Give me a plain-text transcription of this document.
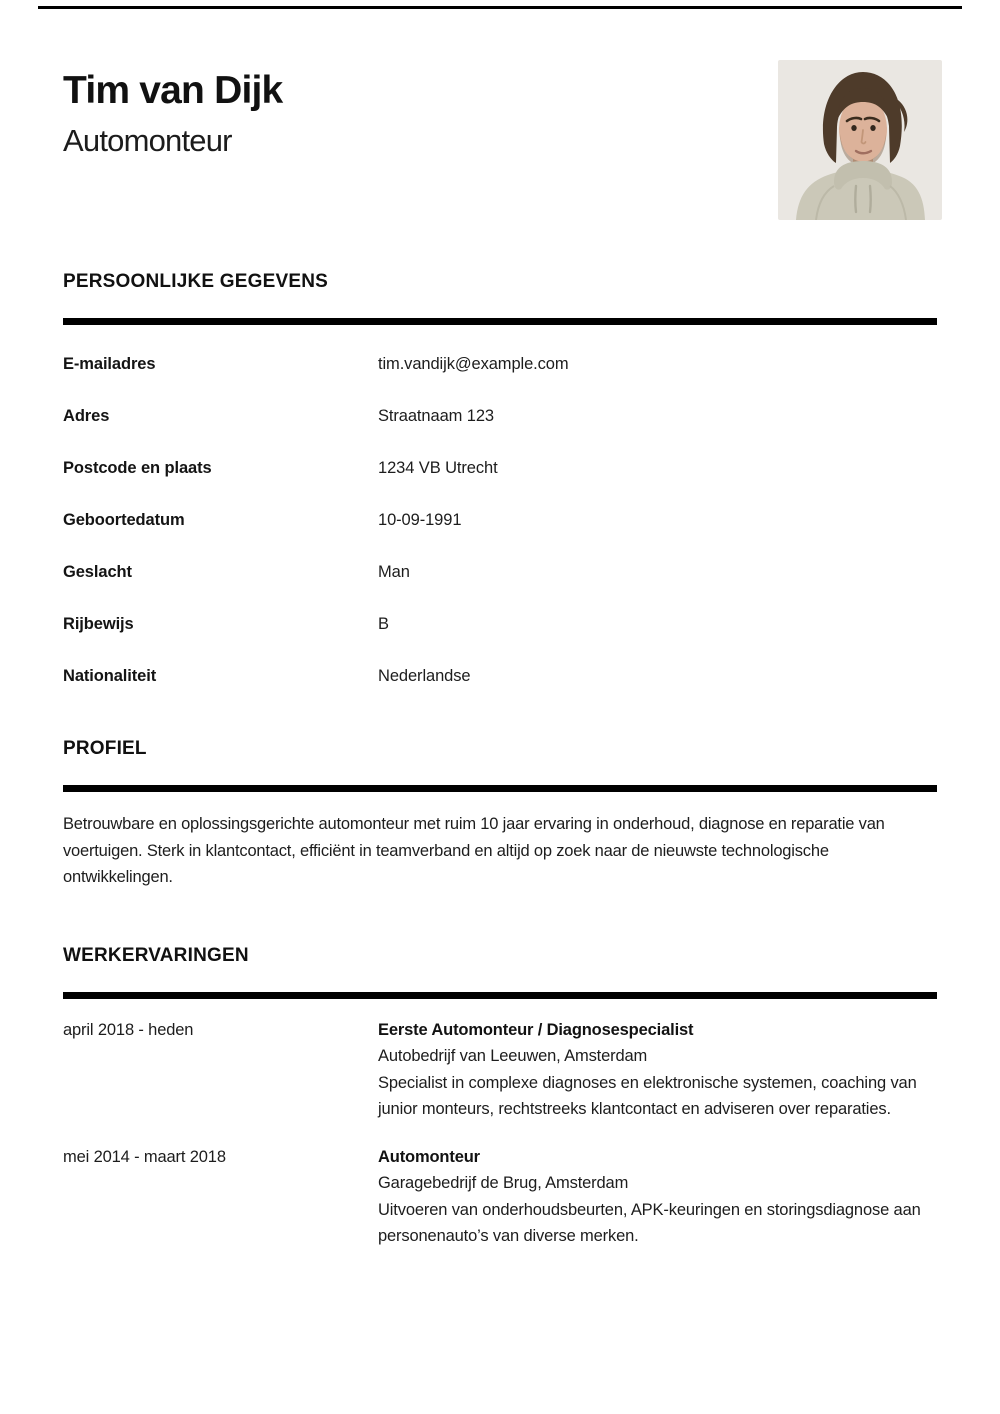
Tim van Dijk
Automonteur
PERSOONLIJKE GEGEVENS
E-mailadres	tim.vandijk@example.com
Adres	Straatnaam 123
Postcode en plaats	1234 VB Utrecht
Geboortedatum	10-09-1991
Geslacht	Man
Rijbewijs	B
Nationaliteit	Nederlandse
PROFIEL

Betrouwbare en oplossingsgerichte automonteur met ruim 10 jaar ervaring in onderhoud, diagnose en reparatie van voertuigen. Sterk in klantcontact, efficiënt in teamverband en altijd op zoek naar de nieuwste technologische ontwikkelingen.

WERKERVARINGEN
april 2018 - heden	Eerste Automonteur / Diagnosespecialist
Autobedrijf van Leeuwen, Amsterdam
Specialist in complexe diagnoses en elektronische systemen, coaching van junior monteurs, rechtstreeks klantcontact en adviseren over reparaties.
mei 2014 - maart 2018	Automonteur
Garagebedrijf de Brug, Amsterdam
Uitvoeren van onderhoudsbeurten, APK-keuringen en storingsdiagnose aan personenauto’s van diverse merken.
